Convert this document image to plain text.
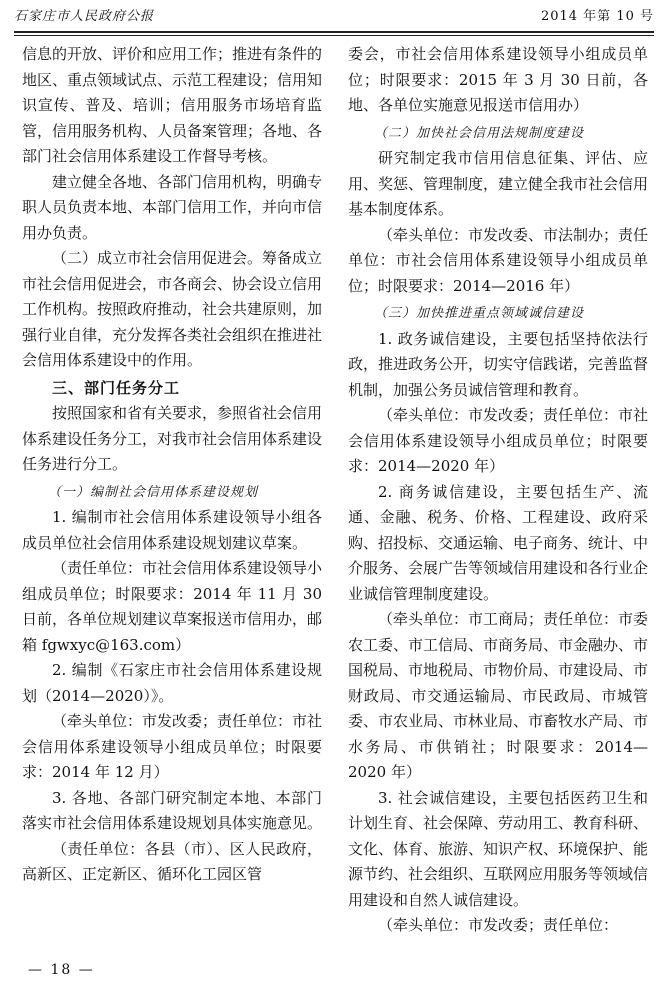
石家庄市人民政府公报	2014 年第 10 号

信息的开放、评价和应用工作；推进有条件的地区、重点领域试点、示范工程建设；信用知识宣传、普及、培训；信用服务市场培育监管，信用服务机构、人员备案管理；各地、各部门社会信用体系建设工作督导考核。

建立健全各地、各部门信用机构，明确专职人员负责本地、本部门信用工作，并向市信用办负责。

（二）成立市社会信用促进会。筹备成立市社会信用促进会，市各商会、协会设立信用工作机构。按照政府推动，社会共建原则，加强行业自律，充分发挥各类社会组织在推进社会信用体系建设中的作用。

三、部门任务分工

按照国家和省有关要求，参照省社会信用体系建设任务分工，对我市社会信用体系建设任务进行分工。

（一）编制社会信用体系建设规划

1. 编制市社会信用体系建设领导小组各成员单位社会信用体系建设规划建议草案。

（责任单位：市社会信用体系建设领导小组成员单位；时限要求：2014 年 11 月 30 日前，各单位规划建议草案报送市信用办，邮箱 fgwxyc@163.com）

2. 编制《石家庄市社会信用体系建设规划（2014—2020）》。

（牵头单位：市发改委；责任单位：市社会信用体系建设领导小组成员单位；时限要求：2014 年 12 月）

3. 各地、各部门研究制定本地、本部门落实市社会信用体系建设规划具体实施意见。

（责任单位：各县（市）、区人民政府，高新区、正定新区、循环化工园区管

委会，市社会信用体系建设领导小组成员单位；时限要求：2015 年 3 月 30 日前，各地、各单位实施意见报送市信用办）

（二）加快社会信用法规制度建设

研究制定我市信用信息征集、评估、应用、奖惩、管理制度，建立健全我市社会信用基本制度体系。

（牵头单位：市发改委、市法制办；责任单位：市社会信用体系建设领导小组成员单位；时限要求：2014—2016 年）

（三）加快推进重点领域诚信建设

1. 政务诚信建设，主要包括坚持依法行政，推进政务公开，切实守信践诺，完善监督机制，加强公务员诚信管理和教育。

（牵头单位：市发改委；责任单位：市社会信用体系建设领导小组成员单位；时限要求：2014—2020 年）

2. 商务诚信建设，主要包括生产、流通、金融、税务、价格、工程建设、政府采购、招投标、交通运输、电子商务、统计、中介服务、会展广告等领域信用建设和各行业企业诚信管理制度建设。

（牵头单位：市工商局；责任单位：市委农工委、市工信局、市商务局、市金融办、市国税局、市地税局、市物价局、市建设局、市财政局、市交通运输局、市民政局、市城管委、市农业局、市林业局、市畜牧水产局、市水务局、市供销社；时限要求：2014—2020 年）

3. 社会诚信建设，主要包括医药卫生和计划生育、社会保障、劳动用工、教育科研、文化、体育、旅游、知识产权、环境保护、能源节约、社会组织、互联网应用服务等领域信用建设和自然人诚信建设。

（牵头单位：市发改委；责任单位：

— 18 —
